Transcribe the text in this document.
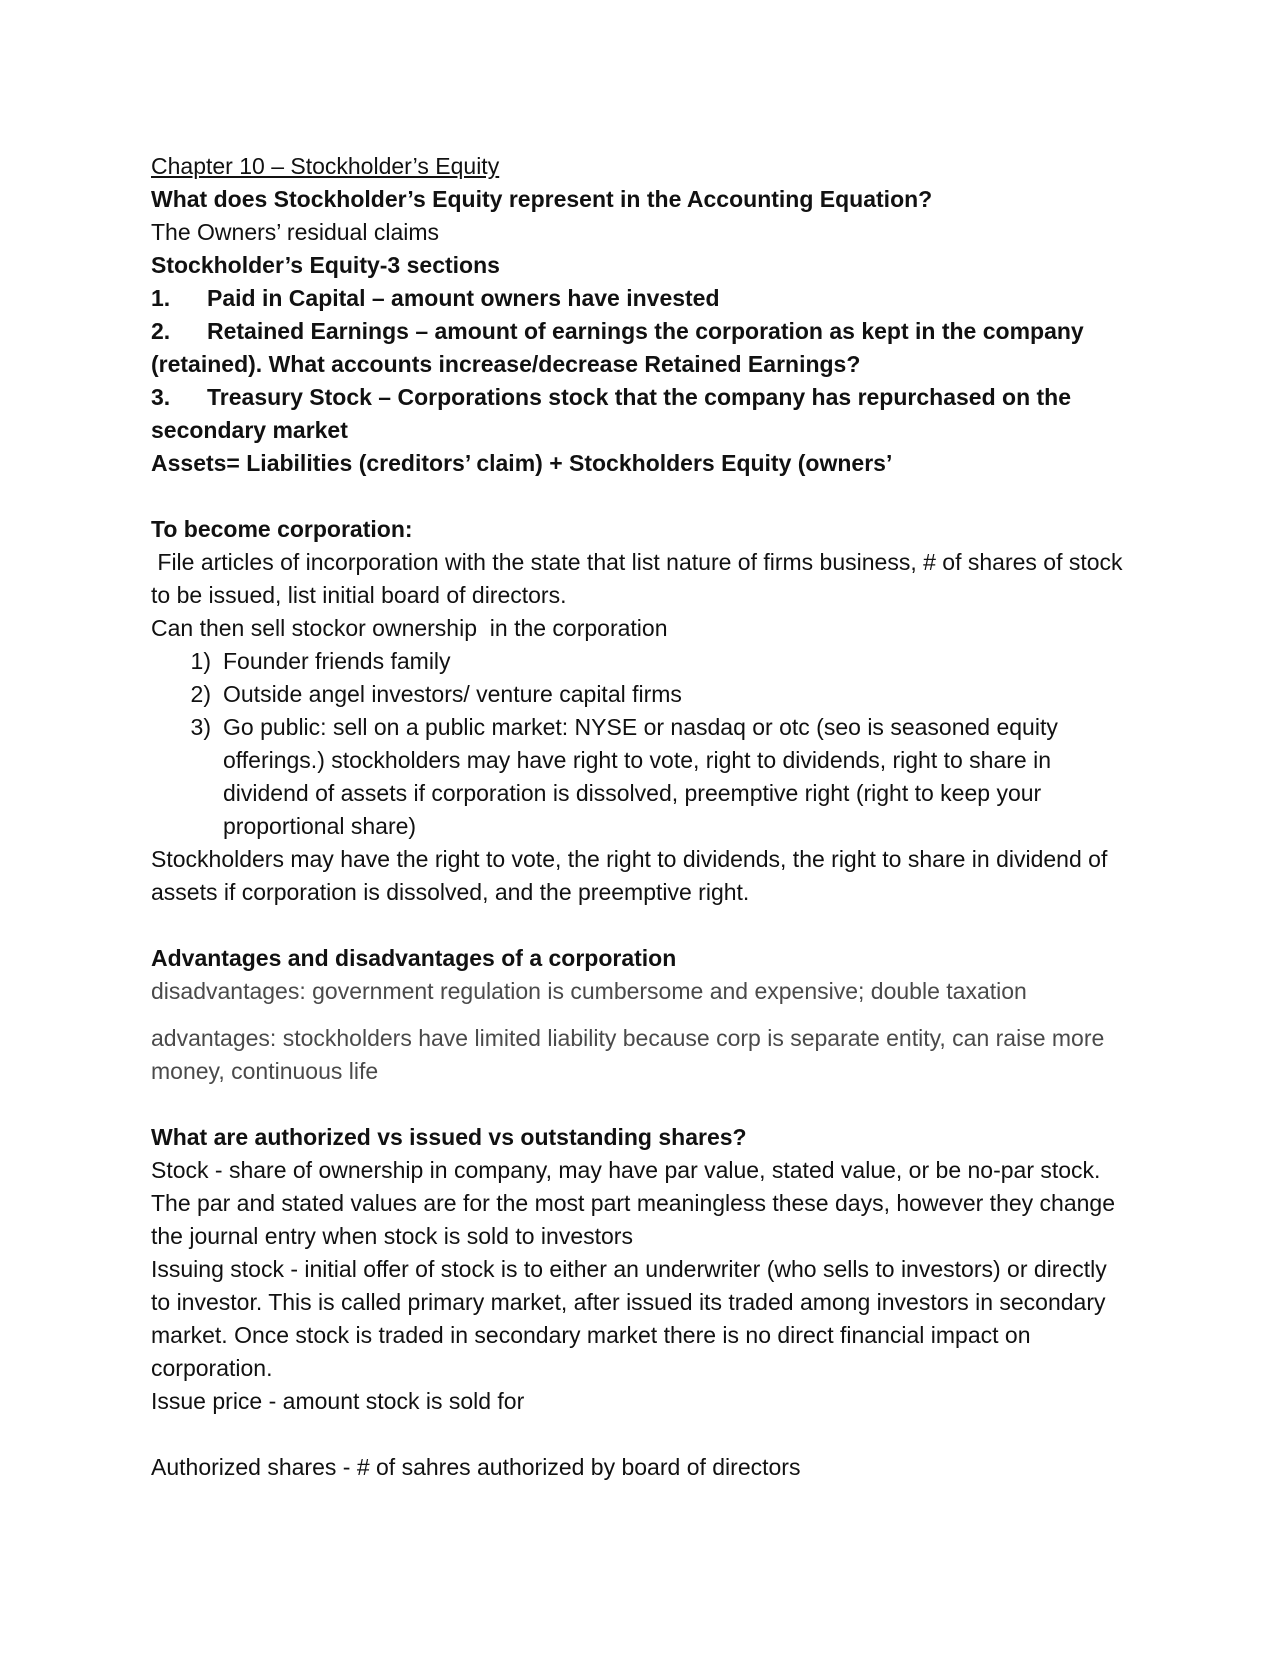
Chapter 10 – Stockholder’s Equity

What does Stockholder’s Equity represent in the Accounting Equation?

The Owners’ residual claims

Stockholder’s Equity-3 sections

1.	Paid in Capital – amount owners have invested
2. Retained Earnings – amount of earnings the corporation as kept in the company (retained). What accounts increase/decrease Retained Earnings?
3. Treasury Stock – Corporations stock that the company has repurchased on the secondary market

Assets= Liabilities (creditors’ claim) + Stockholders Equity (owners’

To become corporation:

File articles of incorporation with the state that list nature of firms business, # of shares of stock to be issued, list initial board of directors.

Can then sell stockor ownership  in the corporation

1) Founder friends family
2) Outside angel investors/ venture capital firms
3) Go public: sell on a public market: NYSE or nasdaq or otc (seo is seasoned equity offerings.) stockholders may have right to vote, right to dividends, right to share in dividend of assets if corporation is dissolved, preemptive right (right to keep your proportional share)

Stockholders may have the right to vote, the right to dividends, the right to share in dividend of assets if corporation is dissolved, and the preemptive right.

Advantages and disadvantages of a corporation

disadvantages: government regulation is cumbersome and expensive; double taxation

advantages: stockholders have limited liability because corp is separate entity, can raise more money, continuous life

What are authorized vs issued vs outstanding shares?

Stock - share of ownership in company, may have par value, stated value, or be no-par stock. The par and stated values are for the most part meaningless these days, however they change the journal entry when stock is sold to investors

Issuing stock - initial offer of stock is to either an underwriter (who sells to investors) or directly to investor. This is called primary market, after issued its traded among investors in secondary market. Once stock is traded in secondary market there is no direct financial impact on corporation.

Issue price - amount stock is sold for

Authorized shares - # of sahres authorized by board of directors
